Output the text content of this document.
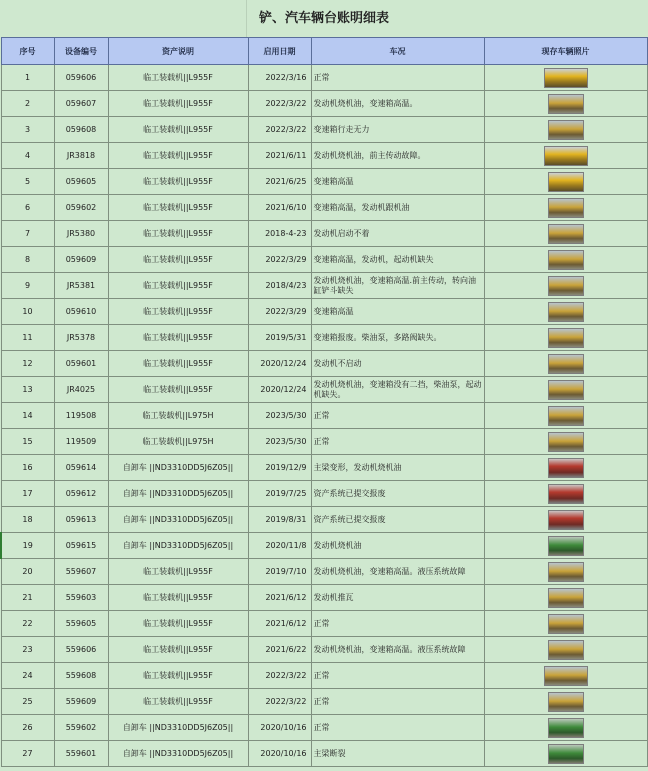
铲、汽车辆台账明细表
序号	设备编号	资产说明	启用日期	车况	现存车辆照片
1	059606	临工装载机||L955F	2022/3/16	正常	
2	059607	临工装载机||L955F	2022/3/22	发动机烧机油，变速箱高温。	
3	059608	临工装载机||L955F	2022/3/22	变速箱行走无力	
4	JR3818	临工装载机||L955F	2021/6/11	发动机烧机油，前主传动故障。	
5	059605	临工装载机||L955F	2021/6/25	变速箱高温	
6	059602	临工装载机||L955F	2021/6/10	变速箱高温，发动机跟机油	
7	JR5380	临工装载机||L955F	2018-4-23	发动机启动不着	
8	059609	临工装载机||L955F	2022/3/29	变速箱高温，发动机，起动机缺失	
9	JR5381	临工装载机||L955F	2018/4/23	发动机烧机油，变速箱高温.前主传动，转向油缸铲斗缺失	
10	059610	临工装载机||L955F	2022/3/29	变速箱高温	
11	JR5378	临工装载机||L955F	2019/5/31	变速箱报废。柴油泵，多路阀缺失。	
12	059601	临工装载机||L955F	2020/12/24	发动机不启动	
13	JR4025	临工装载机||L955F	2020/12/24	发动机烧机油，变速箱没有二挡，柴油泵，起动机缺失。	
14	119508	临工装载机||L975H	2023/5/30	正常	
15	119509	临工装载机||L975H	2023/5/30	正常	
16	059614	自卸车 ||ND3310DD5J6Z05||	2019/12/9	主梁变形，发动机烧机油	
17	059612	自卸车 ||ND3310DD5J6Z05||	2019/7/25	资产系统已提交报废	
18	059613	自卸车 ||ND3310DD5J6Z05||	2019/8/31	资产系统已提交报废	
19	059615	自卸车 ||ND3310DD5J6Z05||	2020/11/8	发动机烧机油	
20	559607	临工装载机||L955F	2019/7/10	发动机烧机油，变速箱高温。液压系统故障	
21	559603	临工装载机||L955F	2021/6/12	发动机推瓦	
22	559605	临工装载机||L955F	2021/6/12	正常	
23	559606	临工装载机||L955F	2021/6/22	发动机烧机油，变速箱高温。液压系统故障	
24	559608	临工装载机||L955F	2022/3/22	正常	
25	559609	临工装载机||L955F	2022/3/22	正常	
26	559602	自卸车 ||ND3310DD5J6Z05||	2020/10/16	正常	
27	559601	自卸车 ||ND3310DD5J6Z05||	2020/10/16	主梁断裂	
